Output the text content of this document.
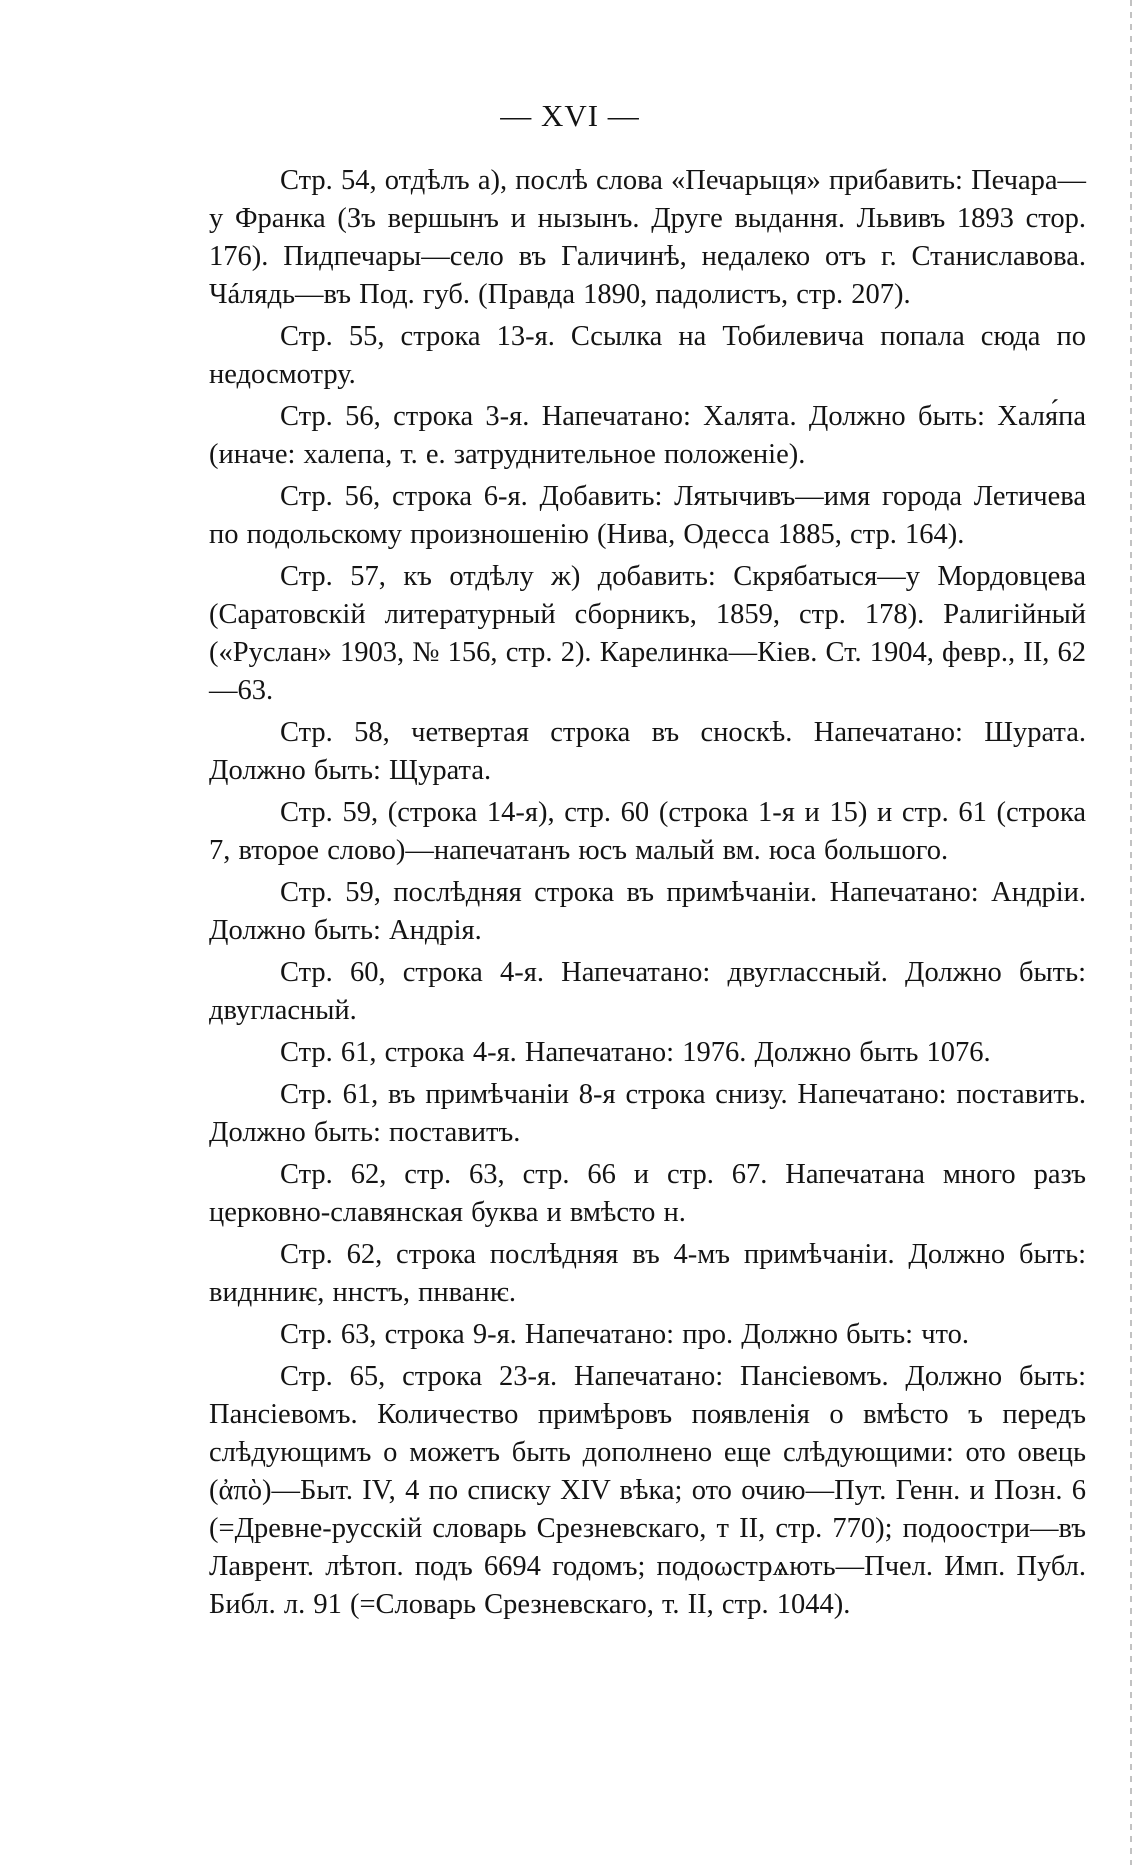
— XVI —

Стр. 54, отдѣлъ а), послѣ слова «Печарыця» прибавить: Печара—у Франка (Зъ вершынъ и нызынъ. Друге выдання. Львивъ 1893 стор. 176). Пидпечары—село въ Галичинѣ, недалеко отъ г. Станиславова. Чáлядь—въ Под. губ. (Правда 1890, падолистъ, стр. 207).

Стр. 55, строка 13-я. Ссылка на Тобилевича попала сюда по недосмотру.

Стр. 56, строка 3-я. Напечатано: Халята. Должно быть: Халя́па (иначе: халепа, т. е. затруднительное положеніе).

Стр. 56, строка 6-я. Добавить: Лятычивъ—имя города Летичева по подольскому произношенію (Нива, Одесса 1885, стр. 164).

Стр. 57, къ отдѣлу ж) добавить: Скрябатыся—у Мордовцева (Саратовскій литературный сборникъ, 1859, стр. 178). Ралигійный («Руслан» 1903, № 156, стр. 2). Карелинка—Кіев. Ст. 1904, февр., II, 62—63.

Стр. 58, четвертая строка въ сноскѣ. Напечатано: Шурата. Должно быть: Щурата.

Стр. 59, (строка 14-я), стр. 60 (строка 1-я и 15) и стр. 61 (строка 7, второе слово)—напечатанъ юсъ малый вм. юса большого.

Стр. 59, послѣдняя строка въ примѣчаніи. Напечатано: Андріи. Должно быть: Андрія.

Стр. 60, строка 4-я. Напечатано: двуглассный. Должно быть: двугласный.

Стр. 61, строка 4-я. Напечатано: 1976. Должно быть 1076.

Стр. 61, въ примѣчаніи 8-я строка снизу. Напечатано: поставить. Должно быть: поставитъ.

Стр. 62, стр. 63, стр. 66 и стр. 67. Напечатана много разъ церковно-славянская буква и вмѣсто н.

Стр. 62, строка послѣдняя въ 4-мъ примѣчаніи. Должно быть: виднниѥ, ннстъ, пнванѥ.

Стр. 63, строка 9-я. Напечатано: про. Должно быть: что.

Стр. 65, строка 23-я. Напечатано: Пансіевомъ. Должно быть: Пансіевомъ. Количество примѣровъ появленія о вмѣсто ъ передъ слѣдующимъ о можетъ быть дополнено еще слѣдующими: ото овець (ἀπὸ)—Быт. IV, 4 по списку XIV вѣка; ото очию—Пут. Генн. и Позн. 6 (=Древне-русскій словарь Срезневскаго, т II, стр. 770); подоостри—въ Лаврент. лѣтоп. подъ 6694 годомъ; подоωстрѧють—Пчел. Имп. Публ. Библ. л. 91 (=Словарь Срезневскаго, т. II, стр. 1044).
